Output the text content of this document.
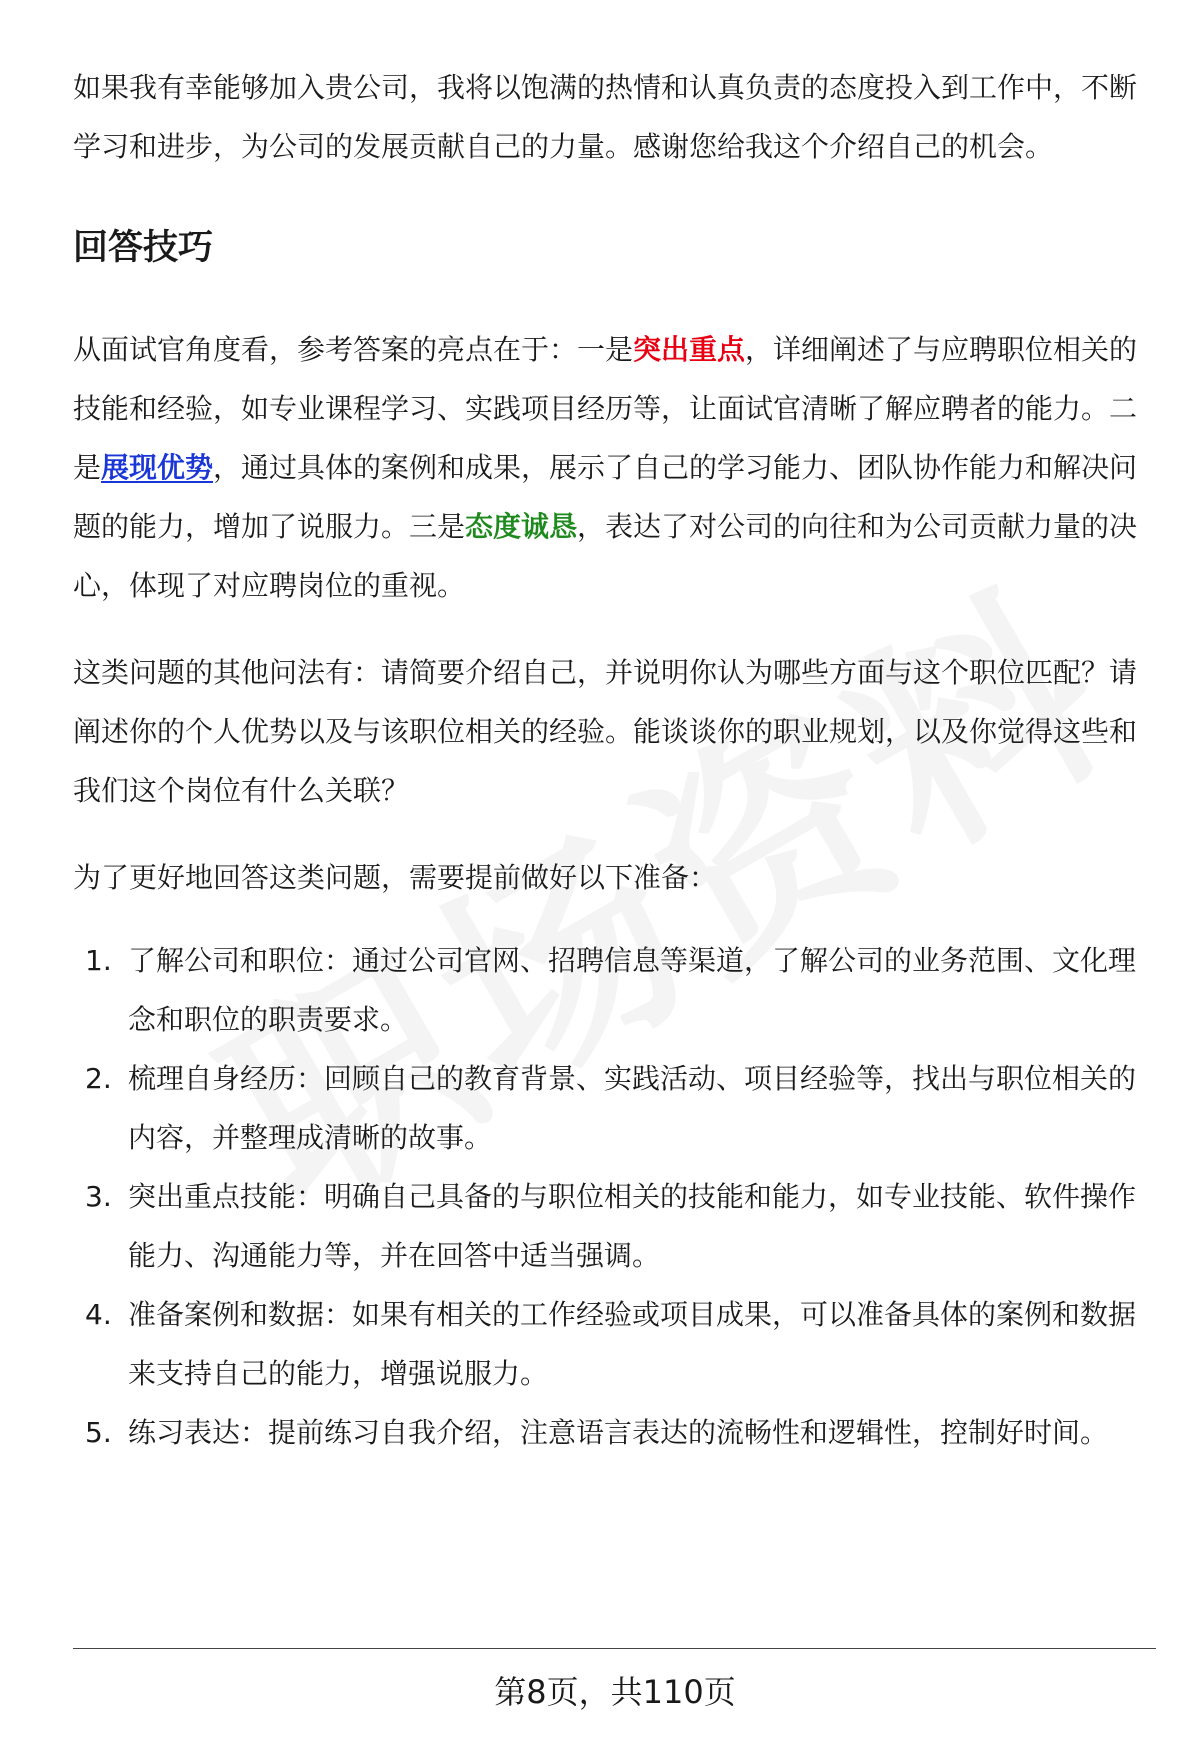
如果我有幸能够加入贵公司，我将以饱满的热情和认真负责的态度投入到工作中，不断学习和进步，为公司的发展贡献自己的力量。感谢您给我这个介绍自己的机会。

回答技巧

从面试官角度看，参考答案的亮点在于：一是突出重点，详细阐述了与应聘职位相关的技能和经验，如专业课程学习、实践项目经历等，让面试官清晰了解应聘者的能力。二是展现优势，通过具体的案例和成果，展示了自己的学习能力、团队协作能力和解决问题的能力，增加了说服力。三是态度诚恳，表达了对公司的向往和为公司贡献力量的决心，体现了对应聘岗位的重视。

这类问题的其他问法有：请简要介绍自己，并说明你认为哪些方面与这个职位匹配？请阐述你的个人优势以及与该职位相关的经验。能谈谈你的职业规划，以及你觉得这些和我们这个岗位有什么关联？

为了更好地回答这类问题，需要提前做好以下准备：

1. 了解公司和职位：通过公司官网、招聘信息等渠道，了解公司的业务范围、文化理念和职位的职责要求。
2. 梳理自身经历：回顾自己的教育背景、实践活动、项目经验等，找出与职位相关的内容，并整理成清晰的故事。
3. 突出重点技能：明确自己具备的与职位相关的技能和能力，如专业技能、软件操作能力、沟通能力等，并在回答中适当强调。
4. 准备案例和数据：如果有相关的工作经验或项目成果，可以准备具体的案例和数据来支持自己的能力，增强说服力。
5. 练习表达：提前练习自我介绍，注意语言表达的流畅性和逻辑性，控制好时间。
第8页，共110页
